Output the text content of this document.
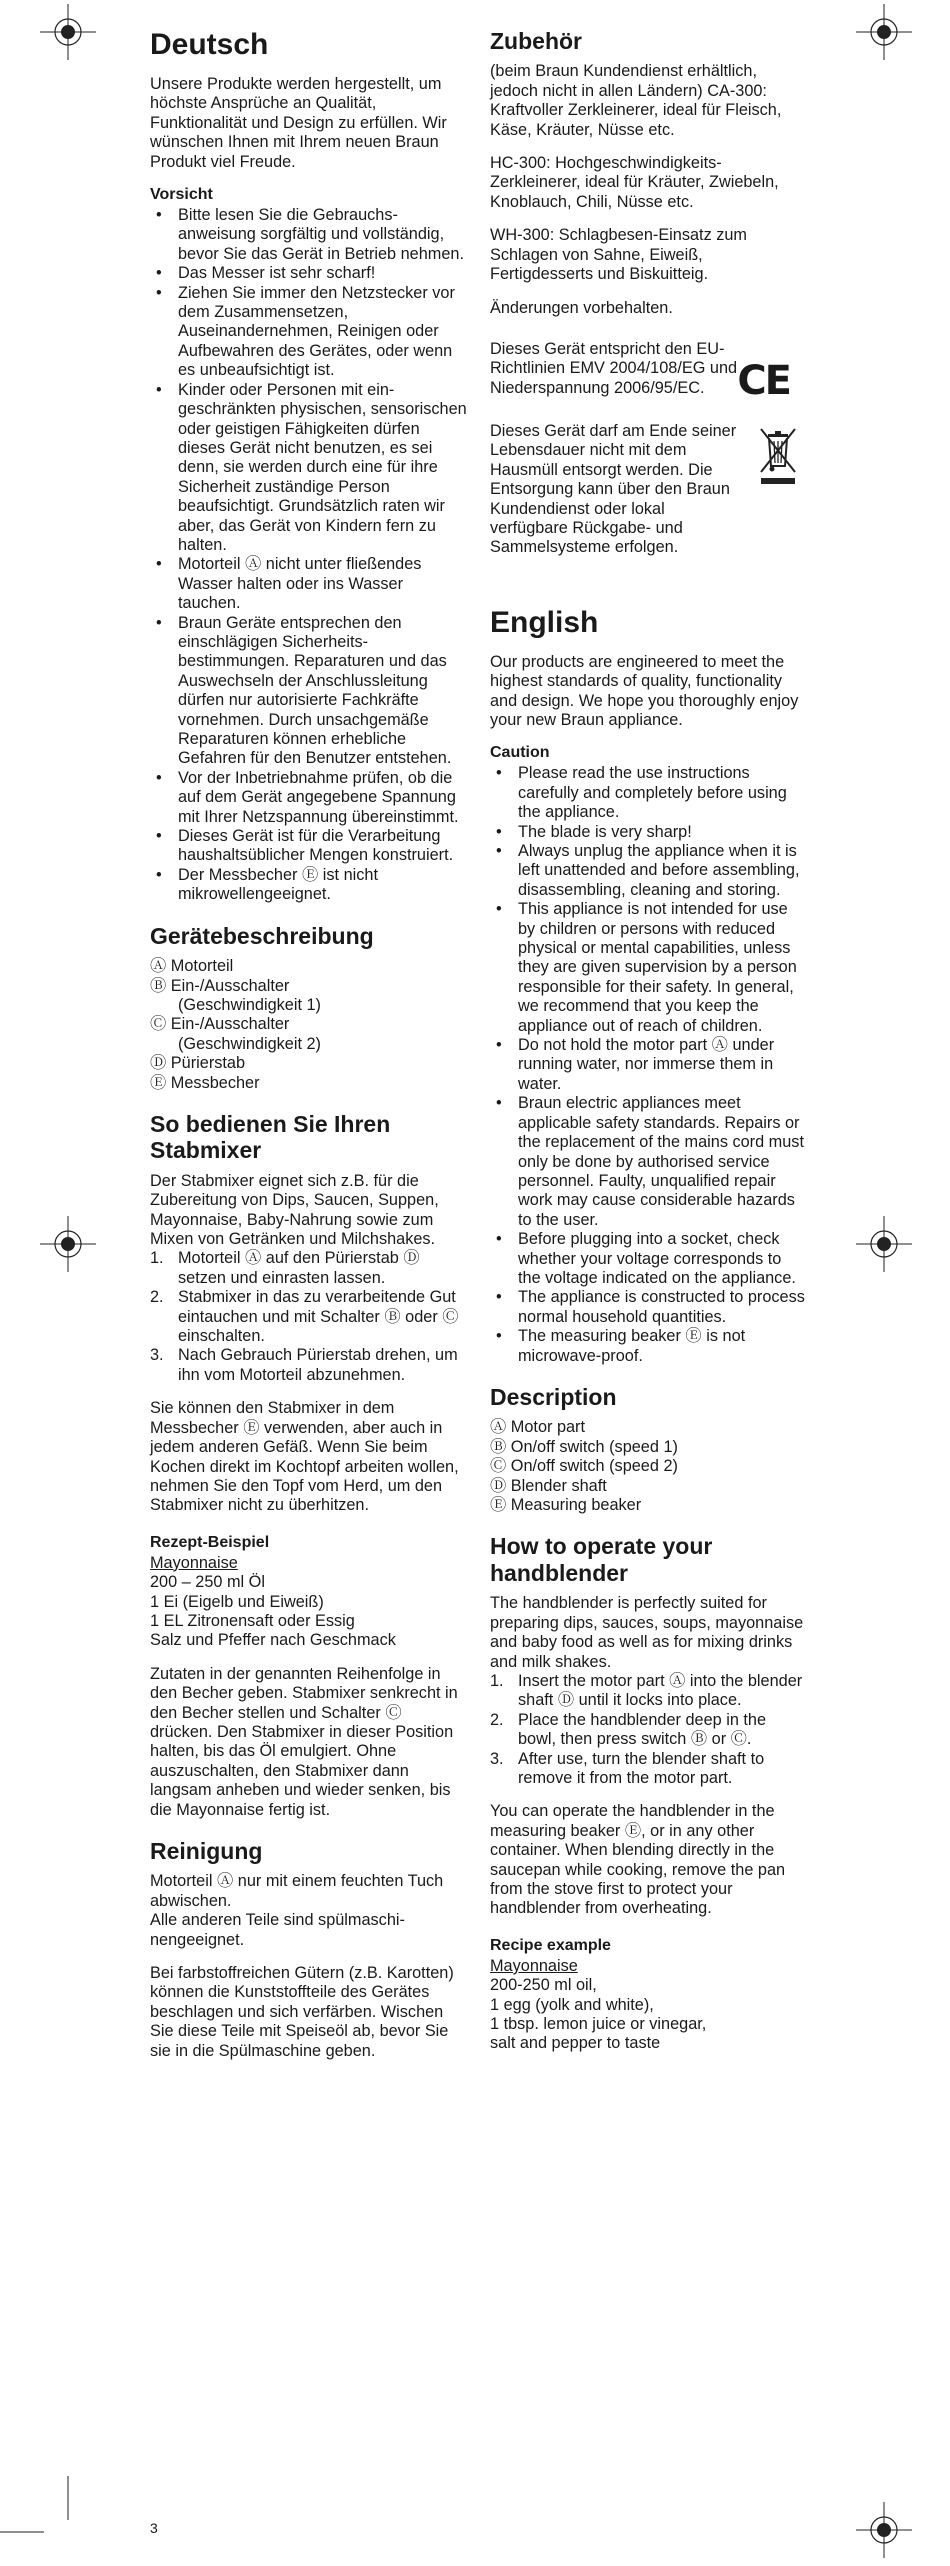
Deutsch

Unsere Produkte werden hergestellt, um höchste Ansprüche an Qualität, Funktionalität und Design zu erfüllen. Wir wünschen Ihnen mit Ihrem neuen Braun Produkt viel Freude.

Vorsicht
• Bitte lesen Sie die Gebrauchsanweisung sorgfältig und vollständig, bevor Sie das Gerät in Betrieb nehmen.
• Das Messer ist sehr scharf!
• Ziehen Sie immer den Netzstecker vor dem Zusammensetzen, Auseinandernehmen, Reinigen oder Aufbewahren des Gerätes, oder wenn es unbeaufsichtigt ist.
• Kinder oder Personen mit eingeschränkten physischen, sensorischen oder geistigen Fähigkeiten dürfen dieses Gerät nicht benutzen, es sei denn, sie werden durch eine für ihre Sicherheit zuständige Person beaufsichtigt. Grundsätzlich raten wir aber, das Gerät von Kindern fern zu halten.
• Motorteil Ⓐ nicht unter fließendes Wasser halten oder ins Wasser tauchen.
• Braun Geräte entsprechen den einschlägigen Sicherheitsbestimmungen. Reparaturen und das Auswechseln der Anschlussleitung dürfen nur autorisierte Fachkräfte vornehmen. Durch unsachgemäße Reparaturen können erhebliche Gefahren für den Benutzer entstehen.
• Vor der Inbetriebnahme prüfen, ob die auf dem Gerät angegebene Spannung mit Ihrer Netzspannung übereinstimmt.
• Dieses Gerät ist für die Verarbeitung haushaltsüblicher Mengen konstruiert.
• Der Messbecher Ⓔ ist nicht mikrowellengeeignet.
Gerätebeschreibung
Ⓐ Motorteil
Ⓑ Ein-/Ausschalter
(Geschwindigkeit 1)
Ⓒ Ein-/Ausschalter
(Geschwindigkeit 2)
Ⓓ Pürierstab
Ⓔ Messbecher
So bedienen Sie Ihren Stabmixer

Der Stabmixer eignet sich z.B. für die Zubereitung von Dips, Saucen, Suppen, Mayonnaise, Baby-Nahrung sowie zum Mixen von Getränken und Milchshakes.

1. Motorteil Ⓐ auf den Pürierstab Ⓓ setzen und einrasten lassen.
2. Stabmixer in das zu verarbeitende Gut eintauchen und mit Schalter Ⓑ oder Ⓒ einschalten.
3. Nach Gebrauch Pürierstab drehen, um ihn vom Motorteil abzunehmen.

Sie können den Stabmixer in dem Messbecher Ⓔ verwenden, aber auch in jedem anderen Gefäß. Wenn Sie beim Kochen direkt im Kochtopf arbeiten wollen, nehmen Sie den Topf vom Herd, um den Stabmixer nicht zu überhitzen.

Rezept-Beispiel
Mayonnaise
200 – 250 ml Öl
1 Ei (Eigelb und Eiweiß)
1 EL Zitronensaft oder Essig
Salz und Pfeffer nach Geschmack

Zutaten in der genannten Reihenfolge in den Becher geben. Stabmixer senkrecht in den Becher stellen und Schalter Ⓒ drücken. Den Stabmixer in dieser Position halten, bis das Öl emulgiert. Ohne auszuschalten, den Stabmixer dann langsam anheben und wieder senken, bis die Mayonnaise fertig ist.

Reinigung

Motorteil Ⓐ nur mit einem feuchten Tuch abwischen.

Alle anderen Teile sind spülmaschinengeeignet.

Bei farbstoffreichen Gütern (z.B. Karotten) können die Kunststoffteile des Gerätes beschlagen und sich verfärben. Wischen Sie diese Teile mit Speiseöl ab, bevor Sie sie in die Spülmaschine geben.

Zubehör

(beim Braun Kundendienst erhältlich, jedoch nicht in allen Ländern) CA-300: Kraftvoller Zerkleinerer, ideal für Fleisch, Käse, Kräuter, Nüsse etc.

HC-300: Hochgeschwindigkeits-Zerkleinerer, ideal für Kräuter, Zwiebeln, Knoblauch, Chili, Nüsse etc.

WH-300: Schlagbesen-Einsatz zum Schlagen von Sahne, Eiweiß, Fertigdesserts und Biskuitteig.

Änderungen vorbehalten.

Dieses Gerät entspricht den EU-Richtlinien EMV 2004/108/EG und Niederspannung 2006/95/EC. CE

Dieses Gerät darf am Ende seiner Lebensdauer nicht mit dem Hausmüll entsorgt werden. Die Entsorgung kann über den Braun Kundendienst oder lokal verfügbare Rückgabe- und Sammelsysteme erfolgen.

English

Our products are engineered to meet the highest standards of quality, functionality and design. We hope you thoroughly enjoy your new Braun appliance.

Caution
• Please read the use instructions carefully and completely before using the appliance.
• The blade is very sharp!
• Always unplug the appliance when it is left unattended and before assembling, disassembling, cleaning and storing.
• This appliance is not intended for use by children or persons with reduced physical or mental capabilities, unless they are given supervision by a person responsible for their safety. In general, we recommend that you keep the appliance out of reach of children.
• Do not hold the motor part Ⓐ under running water, nor immerse them in water.
• Braun electric appliances meet applicable safety standards. Repairs or the replacement of the mains cord must only be done by authorised service personnel. Faulty, unqualified repair work may cause considerable hazards to the user.
• Before plugging into a socket, check whether your voltage corresponds to the voltage indicated on the appliance.
• The appliance is constructed to process normal household quantities.
• The measuring beaker Ⓔ is not microwave-proof.
Description
Ⓐ Motor part
Ⓑ On/off switch (speed 1)
Ⓒ On/off switch (speed 2)
Ⓓ Blender shaft
Ⓔ Measuring beaker
How to operate your handblender

The handblender is perfectly suited for preparing dips, sauces, soups, mayonnaise and baby food as well as for mixing drinks and milk shakes.

1. Insert the motor part Ⓐ into the blender shaft Ⓓ until it locks into place.
2. Place the handblender deep in the bowl, then press switch Ⓑ or Ⓒ.
3. After use, turn the blender shaft to remove it from the motor part.

You can operate the handblender in the measuring beaker Ⓔ, or in any other container. When blending directly in the saucepan while cooking, remove the pan from the stove first to protect your handblender from overheating.

Recipe example
Mayonnaise
200-250 ml oil,
1 egg (yolk and white),
1 tbsp. lemon juice or vinegar,
salt and pepper to taste
3
